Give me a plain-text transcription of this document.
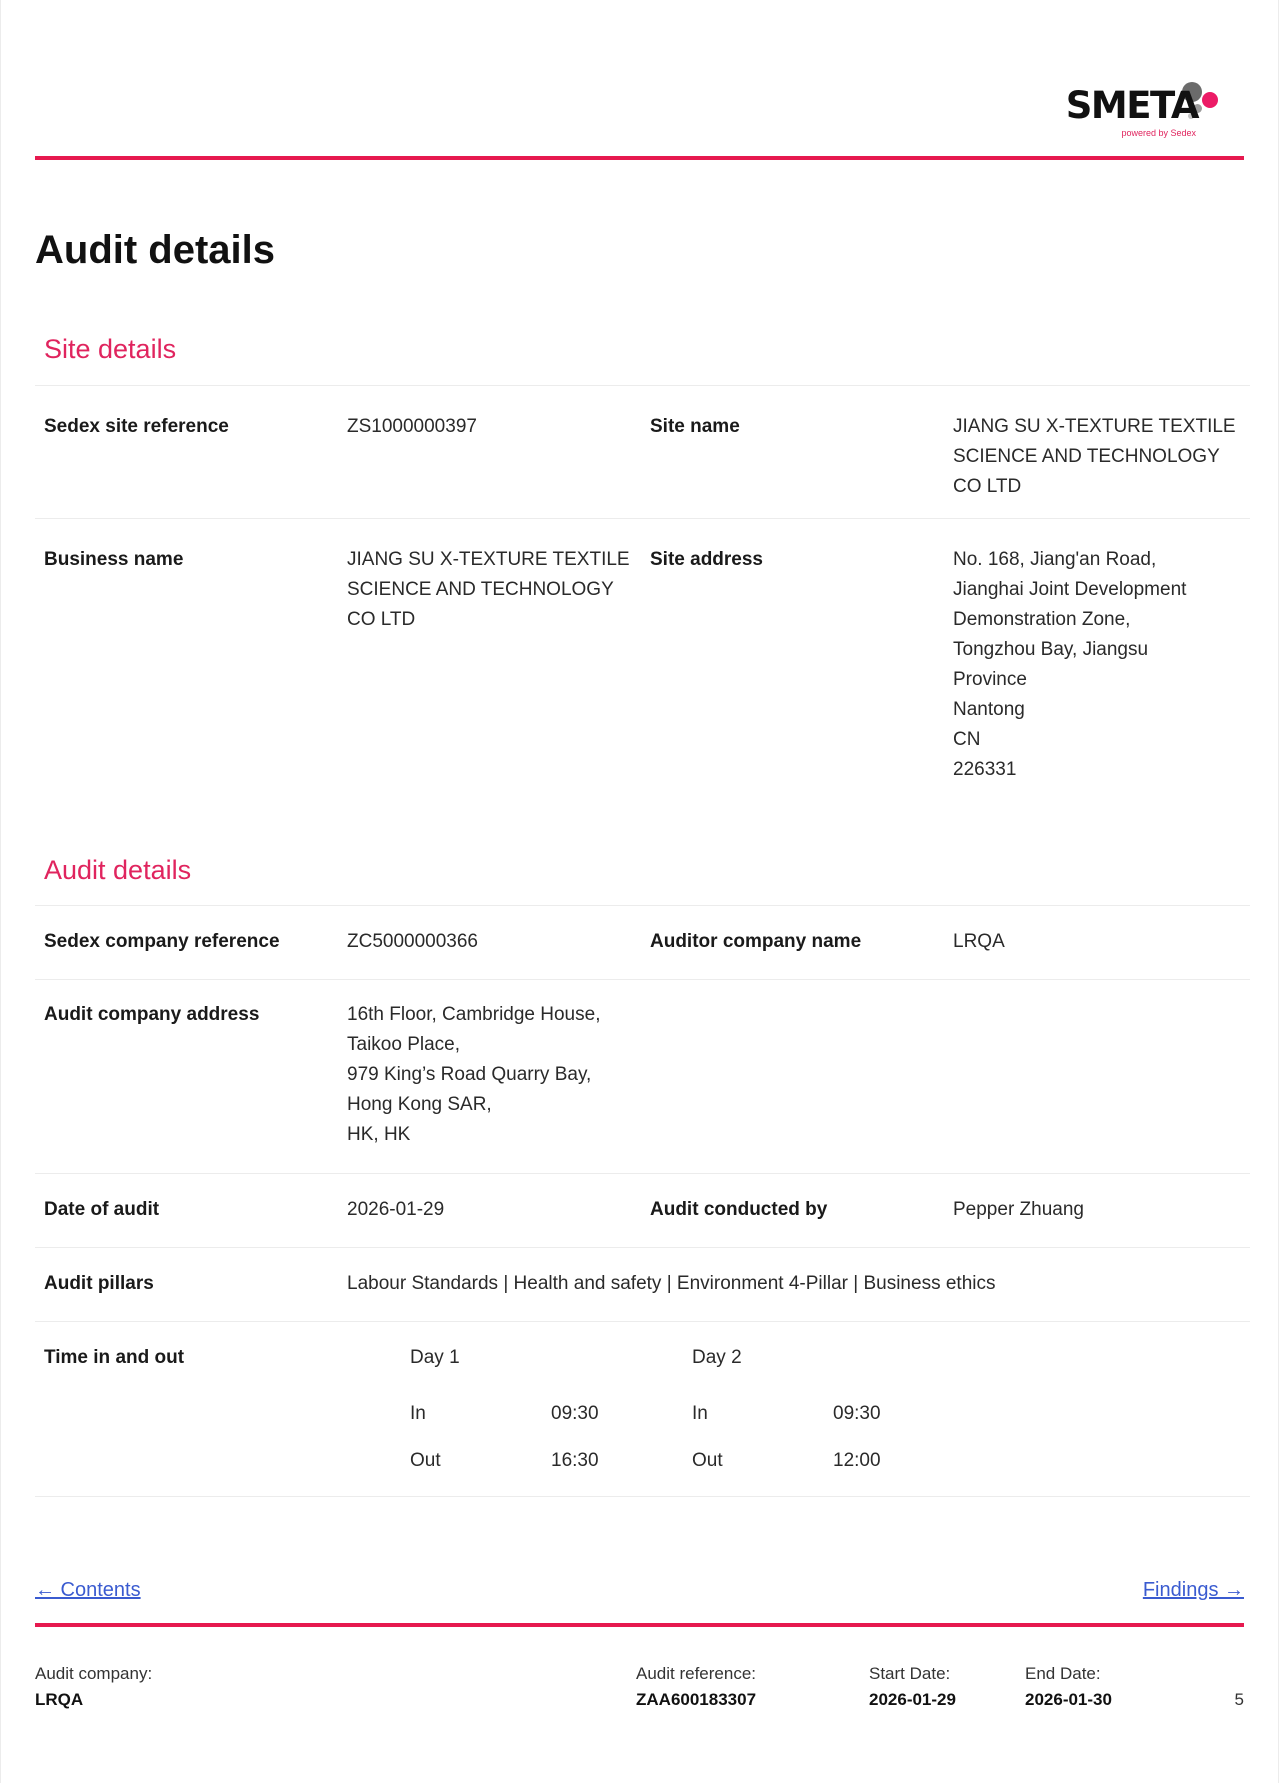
SMETA
powered by Sedex
Audit details
Site details
Sedex site reference	ZS1000000397	Site name	JIANG SU X-TEXTURE TEXTILE
SCIENCE AND TECHNOLOGY
CO LTD
Business name	JIANG SU X-TEXTURE TEXTILE
SCIENCE AND TECHNOLOGY
CO LTD
Site address	No. 168, Jiang'an Road,
Jianghai Joint Development
Demonstration Zone,
Tongzhou Bay, Jiangsu
Province
Nantong
CN
226331
Audit details
Sedex company reference	ZC5000000366	Auditor company name	LRQA
Audit company address	16th Floor, Cambridge House,
Taikoo Place,
979 King’s Road Quarry Bay,
Hong Kong SAR,
HK, HK
Date of audit	2026-01-29	Audit conducted by	Pepper Zhuang
Audit pillars	Labour Standards | Health and safety | Environment 4-Pillar | Business ethics
Time in and out	Day 1
In	09:30
Out	16:30
Day 2
In	09:30
Out	12:00
← Contents	Findings →
Audit company:
LRQA
Audit reference:
ZAA600183307
Start Date:
2026-01-29
End Date:
2026-01-30	5
